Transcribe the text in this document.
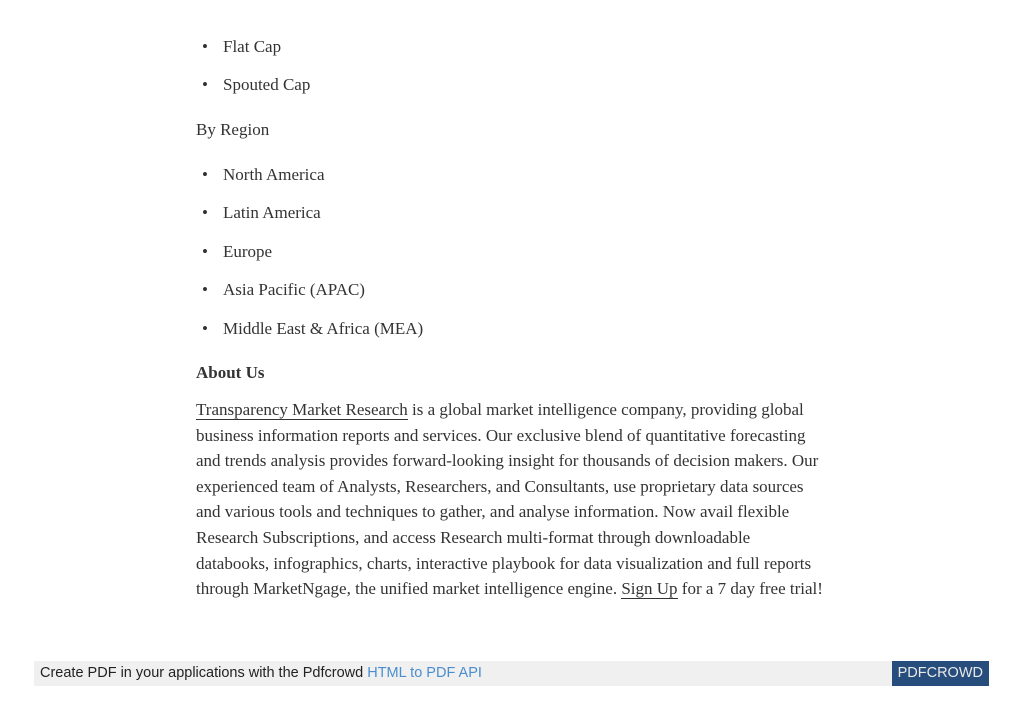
• Flat Cap
• Spouted Cap
By Region
• North America
• Latin America
• Europe
• Asia Pacific (APAC)
• Middle East & Africa (MEA)
About Us

Transparency Market Research is a global market intelligence company, providing global business information reports and services. Our exclusive blend of quantitative forecasting and trends analysis provides forward-looking insight for thousands of decision makers. Our experienced team of Analysts, Researchers, and Consultants, use proprietary data sources and various tools and techniques to gather, and analyse information. Now avail flexible Research Subscriptions, and access Research multi-format through downloadable databooks, infographics, charts, interactive playbook for data visualization and full reports through MarketNgage, the unified market intelligence engine. Sign Up for a 7 day free trial!

Create PDF in your applications with the Pdfcrowd HTML to PDF API	PDFCROWD
